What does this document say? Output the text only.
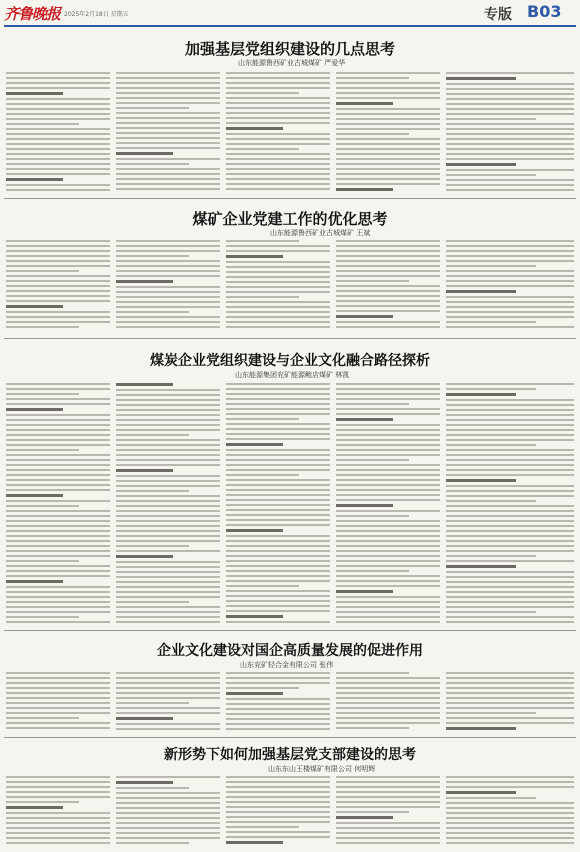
齐鲁晚报 2025年2月18日 星期五	专版 B03
加强基层党组织建设的几点思考
山东能源鲁西矿业古城煤矿 严爱华
煤矿企业党建工作的优化思考
山东能源鲁西矿业古城煤矿 王斌
煤炭企业党组织建设与企业文化融合路径探析
山东能源集团兖矿能源鲍店煤矿 林凯
企业文化建设对国企高质量发展的促进作用
山东兖矿轻合金有限公司 张伟
新形势下如何加强基层党支部建设的思考
山东东山王楼煤矿有限公司 何明辉
